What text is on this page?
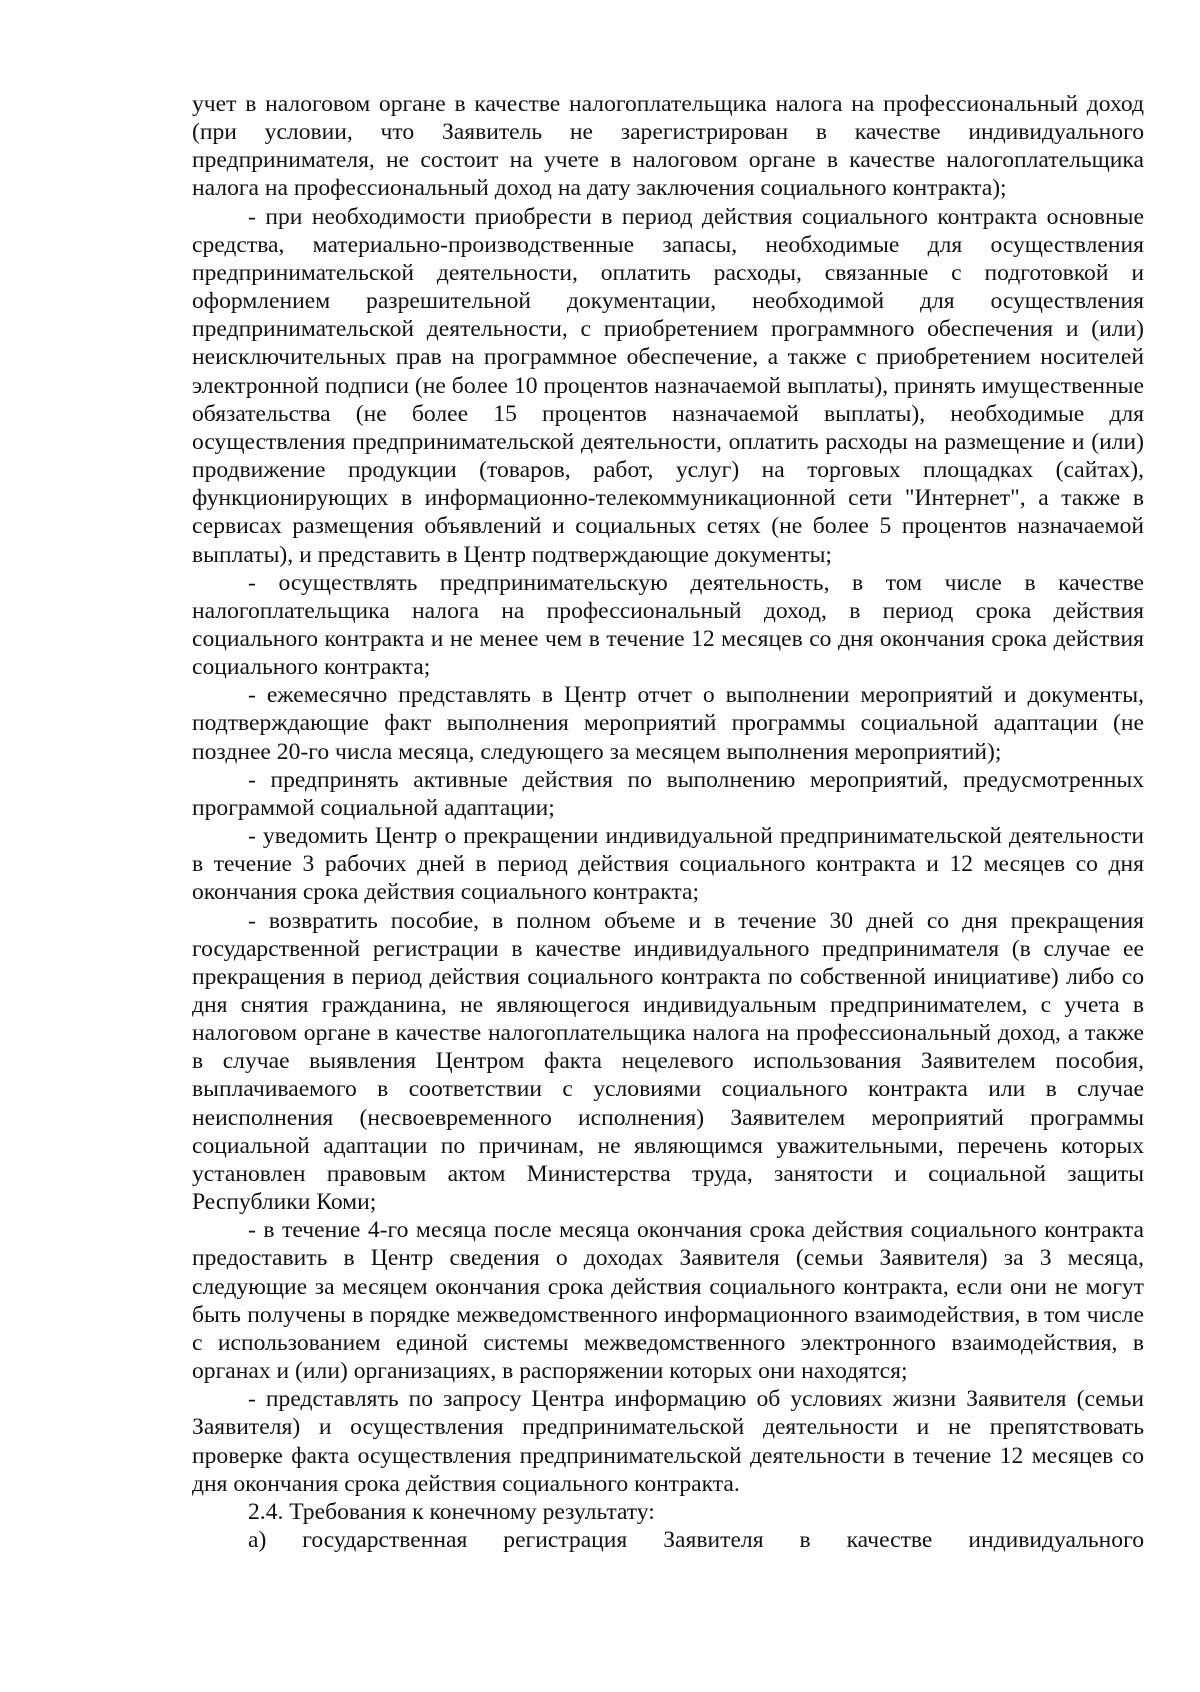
учет в налоговом органе в качестве налогоплательщика налога на профессиональный доход (при условии, что Заявитель не зарегистрирован в качестве индивидуального предпринимателя, не состоит на учете в налоговом органе в качестве налогоплательщика налога на профессиональный доход на дату заключения социального контракта);

- при необходимости приобрести в период действия социального контракта основные средства, материально-производственные запасы, необходимые для осуществления предпринимательской деятельности, оплатить расходы, связанные с подготовкой и оформлением разрешительной документации, необходимой для осуществления предпринимательской деятельности, с приобретением программного обеспечения и (или) неисключительных прав на программное обеспечение, а также с приобретением носителей электронной подписи (не более 10 процентов назначаемой выплаты), принять имущественные обязательства (не более 15 процентов назначаемой выплаты), необходимые для осуществления предпринимательской деятельности, оплатить расходы на размещение и (или) продвижение продукции (товаров, работ, услуг) на торговых площадках (сайтах), функционирующих в информационно-телекоммуникационной сети "Интернет", а также в сервисах размещения объявлений и социальных сетях (не более 5 процентов назначаемой выплаты), и представить в Центр подтверждающие документы;

- осуществлять предпринимательскую деятельность, в том числе в качестве налогоплательщика налога на профессиональный доход, в период срока действия социального контракта и не менее чем в течение 12 месяцев со дня окончания срока действия социального контракта;

- ежемесячно представлять в Центр отчет о выполнении мероприятий и документы, подтверждающие факт выполнения мероприятий программы социальной адаптации (не позднее 20-го числа месяца, следующего за месяцем выполнения мероприятий);

- предпринять активные действия по выполнению мероприятий, предусмотренных программой социальной адаптации;

- уведомить Центр о прекращении индивидуальной предпринимательской деятельности в течение 3 рабочих дней в период действия социального контракта и 12 месяцев со дня окончания срока действия социального контракта;

- возвратить пособие, в полном объеме и в течение 30 дней со дня прекращения государственной регистрации в качестве индивидуального предпринимателя (в случае ее прекращения в период действия социального контракта по собственной инициативе) либо со дня снятия гражданина, не являющегося индивидуальным предпринимателем, с учета в налоговом органе в качестве налогоплательщика налога на профессиональный доход, а также в случае выявления Центром факта нецелевого использования Заявителем пособия, выплачиваемого в соответствии с условиями социального контракта или в случае неисполнения (несвоевременного исполнения) Заявителем мероприятий программы социальной адаптации по причинам, не являющимся уважительными, перечень которых установлен правовым актом Министерства труда, занятости и социальной защиты Республики Коми;

- в течение 4-го месяца после месяца окончания срока действия социального контракта предоставить в Центр сведения о доходах Заявителя (семьи Заявителя) за 3 месяца, следующие за месяцем окончания срока действия социального контракта, если они не могут быть получены в порядке межведомственного информационного взаимодействия, в том числе с использованием единой системы межведомственного электронного взаимодействия, в органах и (или) организациях, в распоряжении которых они находятся;

- представлять по запросу Центра информацию об условиях жизни Заявителя (семьи Заявителя) и осуществления предпринимательской деятельности и не препятствовать проверке факта осуществления предпринимательской деятельности в течение 12 месяцев со дня окончания срока действия социального контракта.

2.4. Требования к конечному результату:

а) государственная регистрация Заявителя в качестве индивидуального
